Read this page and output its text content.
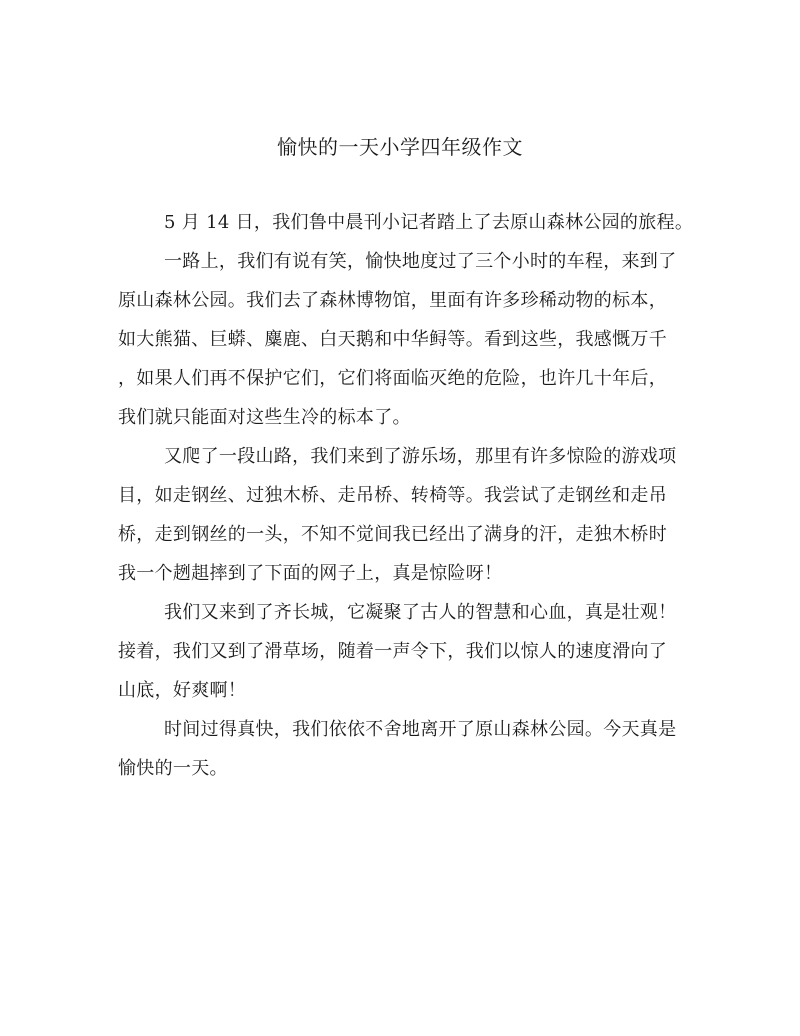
愉快的一天小学四年级作文
5 月 14 日，我们鲁中晨刊小记者踏上了去原山森林公园的旅程。
一路上，我们有说有笑，愉快地度过了三个小时的车程，来到了
原山森林公园。我们去了森林博物馆，里面有许多珍稀动物的标本，
如大熊猫、巨蟒、麋鹿、白天鹅和中华鲟等。看到这些，我感慨万千
，如果人们再不保护它们，它们将面临灭绝的危险，也许几十年后，
我们就只能面对这些生冷的标本了。
又爬了一段山路，我们来到了游乐场，那里有许多惊险的游戏项
目，如走钢丝、过独木桥、走吊桥、转椅等。我尝试了走钢丝和走吊
桥，走到钢丝的一头，不知不觉间我已经出了满身的汗，走独木桥时
我一个趔趄摔到了下面的网子上，真是惊险呀！
我们又来到了齐长城，它凝聚了古人的智慧和心血，真是壮观！
接着，我们又到了滑草场，随着一声令下，我们以惊人的速度滑向了
山底，好爽啊！
时间过得真快，我们依依不舍地离开了原山森林公园。今天真是
愉快的一天。
